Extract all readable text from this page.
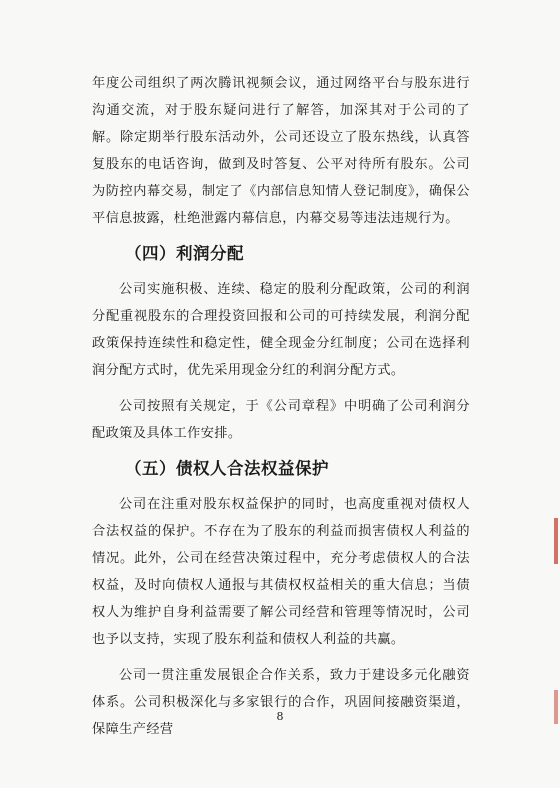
年度公司组织了两次腾讯视频会议，通过网络平台与股东进行沟通交流，对于股东疑问进行了解答，加深其对于公司的了解。除定期举行股东活动外，公司还设立了股东热线，认真答复股东的电话咨询，做到及时答复、公平对待所有股东。公司为防控内幕交易，制定了《内部信息知情人登记制度》，确保公平信息披露，杜绝泄露内幕信息，内幕交易等违法违规行为。

（四）利润分配

公司实施积极、连续、稳定的股利分配政策，公司的利润分配重视股东的合理投资回报和公司的可持续发展，利润分配政策保持连续性和稳定性，健全现金分红制度；公司在选择利润分配方式时，优先采用现金分红的利润分配方式。

公司按照有关规定，于《公司章程》中明确了公司利润分配政策及具体工作安排。

（五）债权人合法权益保护

公司在注重对股东权益保护的同时，也高度重视对债权人合法权益的保护。不存在为了股东的利益而损害债权人利益的情况。此外，公司在经营决策过程中，充分考虑债权人的合法权益，及时向债权人通报与其债权权益相关的重大信息；当债权人为维护自身利益需要了解公司经营和管理等情况时，公司也予以支持，实现了股东利益和债权人利益的共赢。

公司一贯注重发展银企合作关系，致力于建设多元化融资体系。公司积极深化与多家银行的合作，巩固间接融资渠道，保障生产经营

8
